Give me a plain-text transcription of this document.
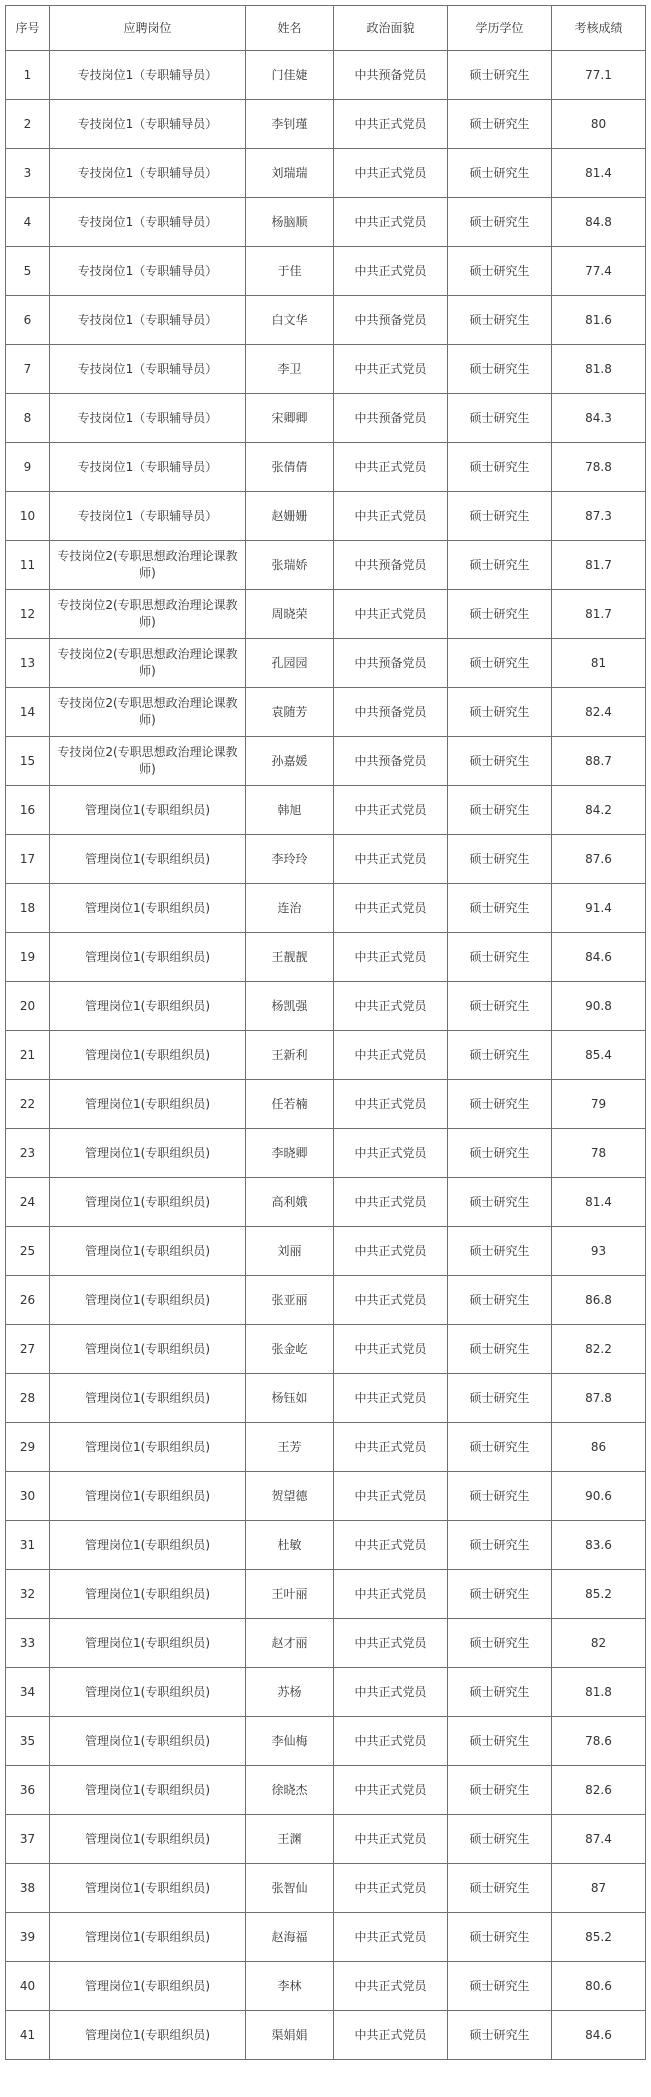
序号	应聘岗位	姓名	政治面貌	学历学位	考核成绩
1	专技岗位1（专职辅导员）	门佳婕	中共预备党员	硕士研究生	77.1
2	专技岗位1（专职辅导员）	李钊瑾	中共正式党员	硕士研究生	80
3	专技岗位1（专职辅导员）	刘瑞瑞	中共正式党员	硕士研究生	81.4
4	专技岗位1（专职辅导员）	杨脑顺	中共正式党员	硕士研究生	84.8
5	专技岗位1（专职辅导员）	于佳	中共正式党员	硕士研究生	77.4
6	专技岗位1（专职辅导员）	白文华	中共预备党员	硕士研究生	81.6
7	专技岗位1（专职辅导员）	李卫	中共正式党员	硕士研究生	81.8
8	专技岗位1（专职辅导员）	宋卿卿	中共预备党员	硕士研究生	84.3
9	专技岗位1（专职辅导员）	张倩倩	中共正式党员	硕士研究生	78.8
10	专技岗位1（专职辅导员）	赵姗姗	中共正式党员	硕士研究生	87.3
11	专技岗位2(专职思想政治理论课教师)	张瑞娇	中共预备党员	硕士研究生	81.7
12	专技岗位2(专职思想政治理论课教师)	周晓荣	中共正式党员	硕士研究生	81.7
13	专技岗位2(专职思想政治理论课教师)	孔园园	中共预备党员	硕士研究生	81
14	专技岗位2(专职思想政治理论课教师)	袁随芳	中共预备党员	硕士研究生	82.4
15	专技岗位2(专职思想政治理论课教师)	孙嘉媛	中共预备党员	硕士研究生	88.7
16	管理岗位1(专职组织员)	韩旭	中共正式党员	硕士研究生	84.2
17	管理岗位1(专职组织员)	李玲玲	中共正式党员	硕士研究生	87.6
18	管理岗位1(专职组织员)	连治	中共正式党员	硕士研究生	91.4
19	管理岗位1(专职组织员)	王靓靓	中共正式党员	硕士研究生	84.6
20	管理岗位1(专职组织员)	杨凯强	中共正式党员	硕士研究生	90.8
21	管理岗位1(专职组织员)	王新利	中共正式党员	硕士研究生	85.4
22	管理岗位1(专职组织员)	任若楠	中共正式党员	硕士研究生	79
23	管理岗位1(专职组织员)	李晓卿	中共正式党员	硕士研究生	78
24	管理岗位1(专职组织员)	高利娥	中共正式党员	硕士研究生	81.4
25	管理岗位1(专职组织员)	刘丽	中共正式党员	硕士研究生	93
26	管理岗位1(专职组织员)	张亚丽	中共正式党员	硕士研究生	86.8
27	管理岗位1(专职组织员)	张金屹	中共正式党员	硕士研究生	82.2
28	管理岗位1(专职组织员)	杨钰如	中共正式党员	硕士研究生	87.8
29	管理岗位1(专职组织员)	王芳	中共正式党员	硕士研究生	86
30	管理岗位1(专职组织员)	贺望德	中共正式党员	硕士研究生	90.6
31	管理岗位1(专职组织员)	杜敏	中共正式党员	硕士研究生	83.6
32	管理岗位1(专职组织员)	王叶丽	中共正式党员	硕士研究生	85.2
33	管理岗位1(专职组织员)	赵才丽	中共正式党员	硕士研究生	82
34	管理岗位1(专职组织员)	苏杨	中共正式党员	硕士研究生	81.8
35	管理岗位1(专职组织员)	李仙梅	中共正式党员	硕士研究生	78.6
36	管理岗位1(专职组织员)	徐晓杰	中共正式党员	硕士研究生	82.6
37	管理岗位1(专职组织员)	王渊	中共正式党员	硕士研究生	87.4
38	管理岗位1(专职组织员)	张智仙	中共正式党员	硕士研究生	87
39	管理岗位1(专职组织员)	赵海福	中共正式党员	硕士研究生	85.2
40	管理岗位1(专职组织员)	李林	中共正式党员	硕士研究生	80.6
41	管理岗位1(专职组织员)	渠娟娟	中共正式党员	硕士研究生	84.6
